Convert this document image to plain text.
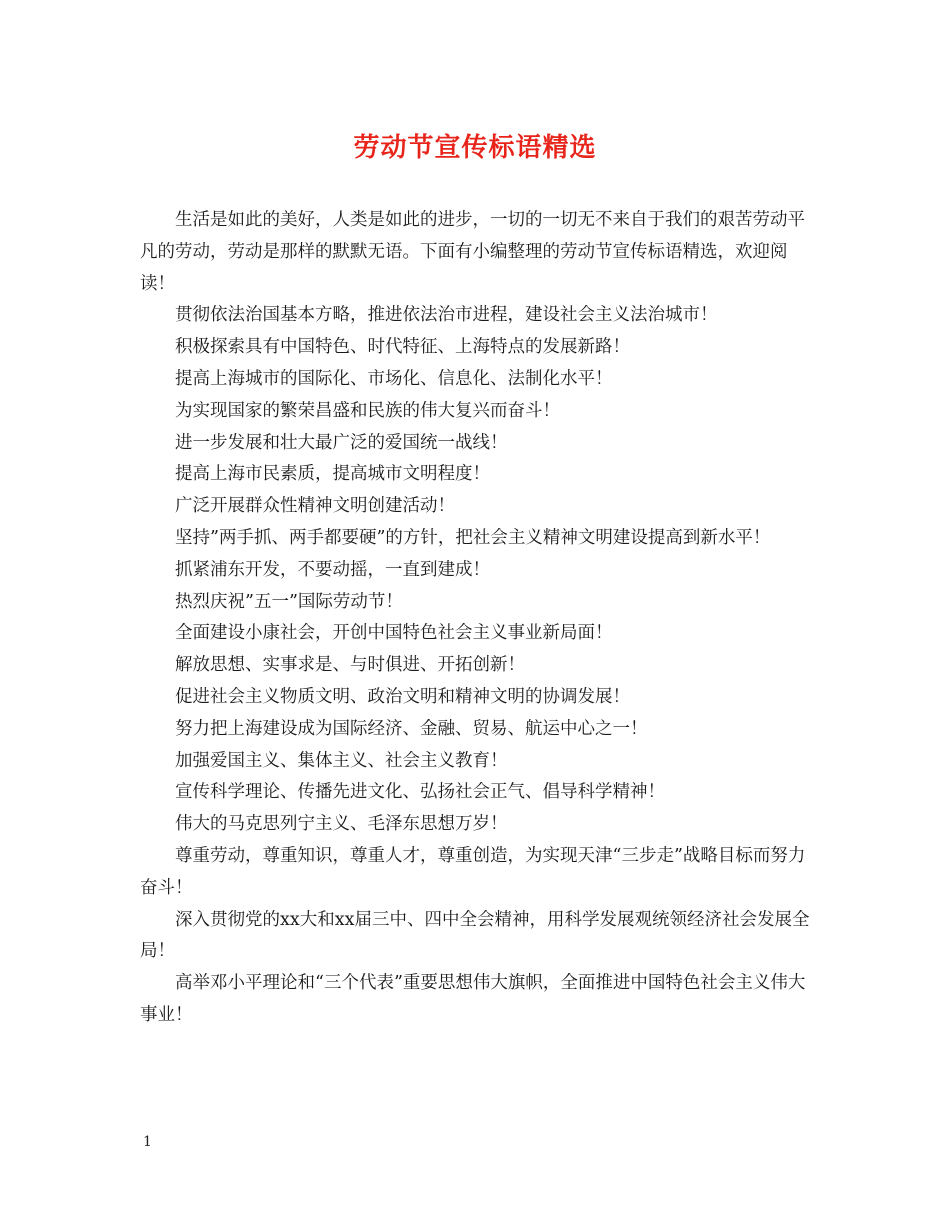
劳动节宣传标语精选

生活是如此的美好，人类是如此的进步，一切的一切无不来自于我们的艰苦劳动平凡的劳动，劳动是那样的默默无语。下面有小编整理的劳动节宣传标语精选，欢迎阅读！

贯彻依法治国基本方略，推进依法治市进程，建设社会主义法治城市！

积极探索具有中国特色、时代特征、上海特点的发展新路！

提高上海城市的国际化、市场化、信息化、法制化水平！

为实现国家的繁荣昌盛和民族的伟大复兴而奋斗！

进一步发展和壮大最广泛的爱国统一战线！

提高上海市民素质，提高城市文明程度！

广泛开展群众性精神文明创建活动！

坚持”两手抓、两手都要硬”的方针，把社会主义精神文明建设提高到新水平！

抓紧浦东开发，不要动摇，一直到建成！

热烈庆祝”五一”国际劳动节！

全面建设小康社会，开创中国特色社会主义事业新局面！

解放思想、实事求是、与时俱进、开拓创新！

促进社会主义物质文明、政治文明和精神文明的协调发展！

努力把上海建设成为国际经济、金融、贸易、航运中心之一！

加强爱国主义、集体主义、社会主义教育！

宣传科学理论、传播先进文化、弘扬社会正气、倡导科学精神！

伟大的马克思列宁主义、毛泽东思想万岁！

尊重劳动，尊重知识，尊重人才，尊重创造，为实现天津“三步走”战略目标而努力奋斗！

深入贯彻党的xx大和xx届三中、四中全会精神，用科学发展观统领经济社会发展全局！

高举邓小平理论和“三个代表”重要思想伟大旗帜，全面推进中国特色社会主义伟大事业！

1
